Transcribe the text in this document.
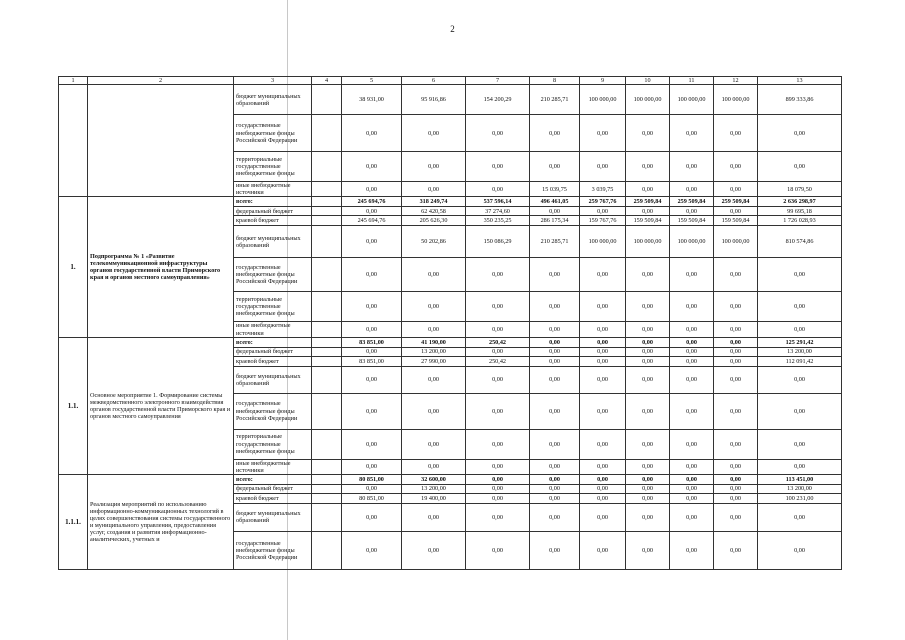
2
1	2	3	4	5	6	7	8	9	10	11	12	13
		бюджет муниципальных образований		38 931,00	95 916,86	154 200,29	210 285,71	100 000,00	100 000,00	100 000,00	100 000,00	899 333,86
		государственные внебюджетные фонды Российской Федерации		0,00	0,00	0,00	0,00	0,00	0,00	0,00	0,00	0,00
		территориальные государственные внебюджетные фонды		0,00	0,00	0,00	0,00	0,00	0,00	0,00	0,00	0,00
		иные внебюджетные источники		0,00	0,00	0,00	15 039,75	3 039,75	0,00	0,00	0,00	18 079,50
1.	Подпрограмма № 1 «Развитие телекоммуникационной инфраструктуры органов государственной власти Приморского края и органов местного самоуправления»	всего:		245 694,76	318 249,74	537 596,14	496 461,05	259 767,76	259 509,84	259 509,84	259 509,84	2 636 298,97
		федеральный бюджет		0,00	62 420,58	37 274,60	0,00	0,00	0,00	0,00	0,00	99 695,18
		краевой бюджет		245 694,76	205 626,30	350 235,25	286 175,34	159 767,76	159 509,84	159 509,84	159 509,84	1 726 028,93
		бюджет муниципальных образований		0,00	50 202,86	150 086,29	210 285,71	100 000,00	100 000,00	100 000,00	100 000,00	810 574,86
		государственные внебюджетные фонды Российской Федерации		0,00	0,00	0,00	0,00	0,00	0,00	0,00	0,00	0,00
		территориальные государственные внебюджетные фонды		0,00	0,00	0,00	0,00	0,00	0,00	0,00	0,00	0,00
		иные внебюджетные источники		0,00	0,00	0,00	0,00	0,00	0,00	0,00	0,00	0,00
1.1.	Основное мероприятие 1. Формирование системы межведомственного электронного взаимодействия органов государственной власти Приморского края и органов местного самоуправления	всего:		83 851,00	41 190,00	250,42	0,00	0,00	0,00	0,00	0,00	125 291,42
		федеральный бюджет		0,00	13 200,00	0,00	0,00	0,00	0,00	0,00	0,00	13 200,00
		краевой бюджет		83 851,00	27 990,00	250,42	0,00	0,00	0,00	0,00	0,00	112 091,42
		бюджет муниципальных образований		0,00	0,00	0,00	0,00	0,00	0,00	0,00	0,00	0,00
		государственные внебюджетные фонды Российской Федерации		0,00	0,00	0,00	0,00	0,00	0,00	0,00	0,00	0,00
		территориальные государственные внебюджетные фонды		0,00	0,00	0,00	0,00	0,00	0,00	0,00	0,00	0,00
		иные внебюджетные источники		0,00	0,00	0,00	0,00	0,00	0,00	0,00	0,00	0,00
1.1.1.	Реализация мероприятий по использованию информационно-коммуникационных технологий в целях совершенствования системы государственного и муниципального управления, предоставления услуг, создания и развития информационно-аналитических, учетных и	всего:		80 851,00	32 600,00	0,00	0,00	0,00	0,00	0,00	0,00	113 451,00
		федеральный бюджет		0,00	13 200,00	0,00	0,00	0,00	0,00	0,00	0,00	13 200,00
		краевой бюджет		80 851,00	19 400,00	0,00	0,00	0,00	0,00	0,00	0,00	100 231,00
		бюджет муниципальных образований		0,00	0,00	0,00	0,00	0,00	0,00	0,00	0,00	0,00
		государственные внебюджетные фонды Российской Федерации		0,00	0,00	0,00	0,00	0,00	0,00	0,00	0,00	0,00
